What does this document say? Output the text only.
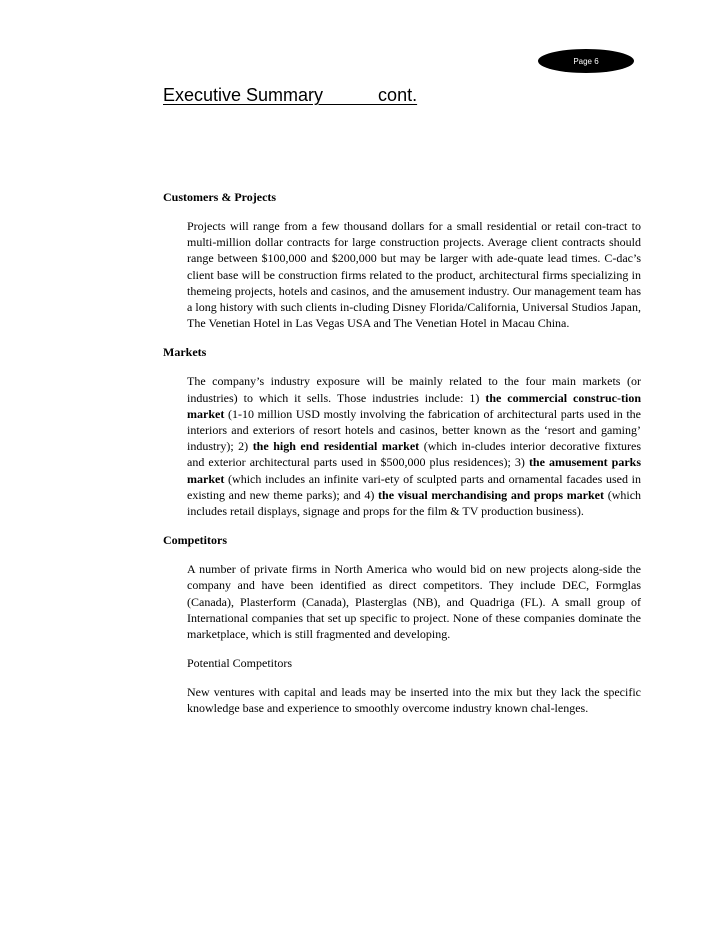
Page 6
Executive Summary           cont.

Customers & Projects

Projects will range from a few thousand dollars for a small residential or retail con-tract to multi-million dollar contracts for large construction projects. Average client contracts should range between $100,000 and $200,000 but may be larger with ade-quate lead times. C-dac’s client base will be construction firms related to the product, architectural firms specializing in themeing projects, hotels and casinos, and the amusement industry. Our management team has a long history with such clients in-cluding Disney Florida/California, Universal Studios Japan, The Venetian Hotel in Las Vegas USA and The Venetian Hotel in Macau China.

Markets

The company’s industry exposure will be mainly related to the four main markets (or industries) to which it sells. Those industries include: 1) the commercial construc-tion market (1-10 million USD mostly involving the fabrication of architectural parts used in the interiors and exteriors of resort hotels and casinos, better known as the ‘resort and gaming’ industry); 2) the high end residential market (which in-cludes interior decorative fixtures and exterior architectural parts used in $500,000 plus residences); 3) the amusement parks market (which includes an infinite vari-ety of sculpted parts and ornamental facades used in existing and new theme parks); and 4) the visual merchandising and props market (which includes retail displays, signage and props for the film & TV production business).

Competitors

A number of private firms in North America who would bid on new projects along-side the company and have been identified as direct competitors. They include DEC, Formglas (Canada), Plasterform (Canada), Plasterglas (NB), and Quadriga (FL). A small group of International companies that set up specific to project. None of these companies dominate the marketplace, which is still fragmented and developing.

Potential Competitors

New ventures with capital and leads may be inserted into the mix but they lack the specific knowledge base and experience to smoothly overcome industry known chal-lenges.
